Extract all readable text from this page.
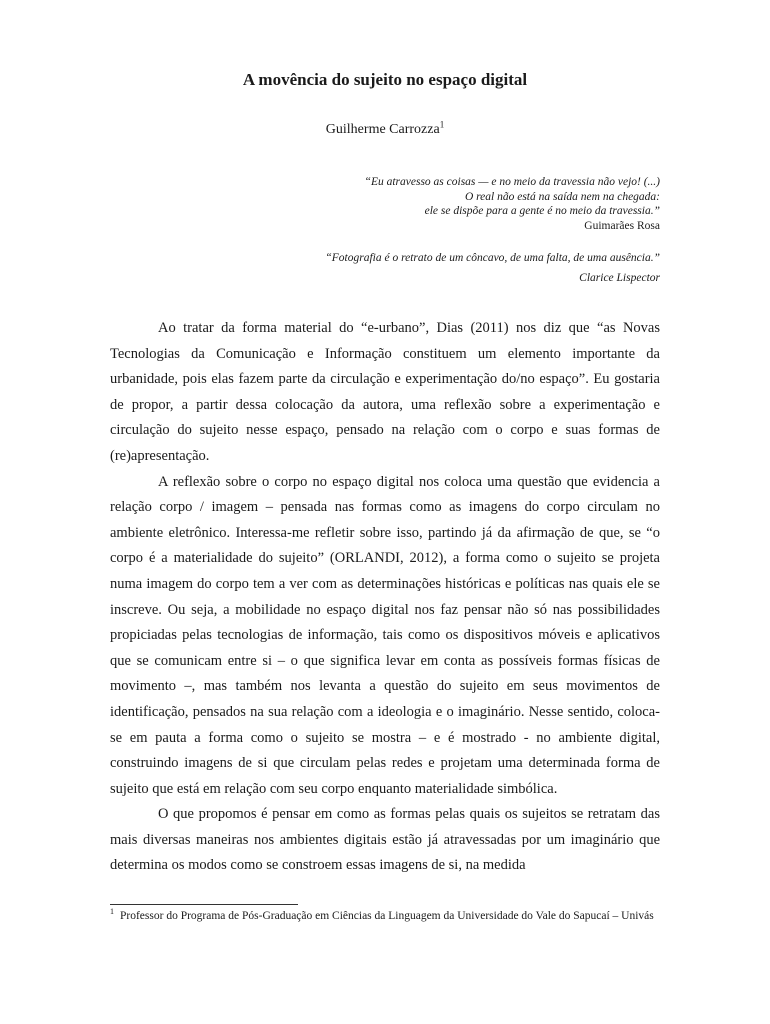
A movência do sujeito no espaço digital
Guilherme Carrozza$^1$
“Eu atravesso as coisas — e no meio da travessia não vejo! (...)
O real não está na saída nem na chegada:
ele se dispõe para a gente é no meio da travessia.”
Guimarães Rosa
“Fotografia é o retrato de um côncavo, de uma falta, de uma ausência.”
Clarice Lispector

Ao tratar da forma material do “e-urbano”, Dias (2011) nos diz que “as Novas Tecnologias da Comunicação e Informação constituem um elemento importante da urbanidade, pois elas fazem parte da circulação e experimentação do/no espaço”. Eu gostaria de propor, a partir dessa colocação da autora, uma reflexão sobre a experimentação e circulação do sujeito nesse espaço, pensado na relação com o corpo e suas formas de (re)apresentação.

A reflexão sobre o corpo no espaço digital nos coloca uma questão que evidencia a relação corpo / imagem – pensada nas formas como as imagens do corpo circulam no ambiente eletrônico. Interessa-me refletir sobre isso, partindo já da afirmação de que, se “o corpo é a materialidade do sujeito” (ORLANDI, 2012), a forma como o sujeito se projeta numa imagem do corpo tem a ver com as determinações históricas e políticas nas quais ele se inscreve. Ou seja, a mobilidade no espaço digital nos faz pensar não só nas possibilidades propiciadas pelas tecnologias de informação, tais como os dispositivos móveis e aplicativos que se comunicam entre si – o que significa levar em conta as possíveis formas físicas de movimento –, mas também nos levanta a questão do sujeito em seus movimentos de identificação, pensados na sua relação com a ideologia e o imaginário. Nesse sentido, coloca-se em pauta a forma como o sujeito se mostra – e é mostrado - no ambiente digital, construindo imagens de si que circulam pelas redes e projetam uma determinada forma de sujeito que está em relação com seu corpo enquanto materialidade simbólica.

O que propomos é pensar em como as formas pelas quais os sujeitos se retratam das mais diversas maneiras nos ambientes digitais estão já atravessadas por um imaginário que determina os modos como se constroem essas imagens de si, na medida

$^1$ Professor do Programa de Pós-Graduação em Ciências da Linguagem da Universidade do Vale do Sapucaí – Univás
